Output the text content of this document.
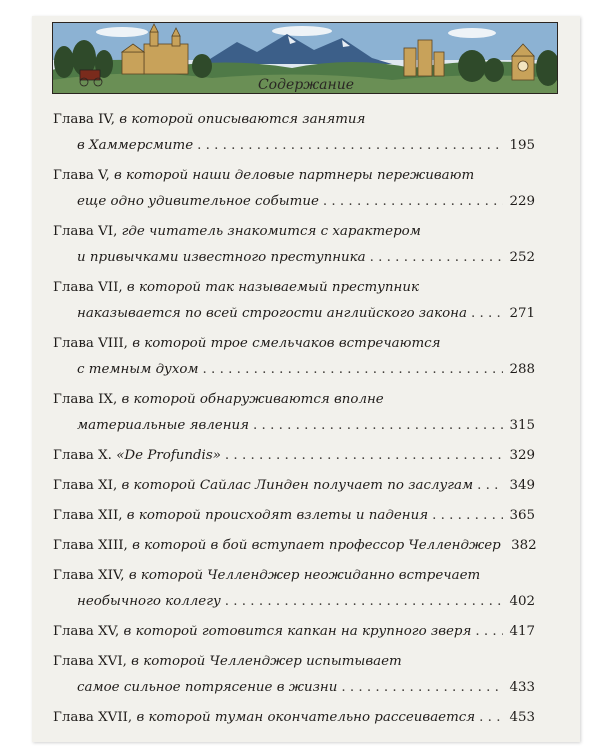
Содержание
Глава IV, в которой описываются занятия
в Хаммерсмите . . .	195
Глава V, в которой наши деловые партнеры переживают
еще одно удивительное событие . . .	229
Глава VI, где читатель знакомится с характером
и привычками известного преступника . . .	252
Глава VII, в которой так называемый преступник
наказывается по всей строгости английского закона . . .	271
Глава VIII, в которой трое смельчаков встречаются
с темным духом . . .	288
Глава IX, в которой обнаруживаются вполне
материальные явления . . .	315
Глава X. «De Profundis» . . .	329
Глава XI, в которой Сайлас Линден получает по заслугам . . .	349
Глава XII, в которой происходят взлеты и падения . . .	365
Глава XIII, в которой в бой вступает профессор Челленджер 382
Глава XIV, в которой Челленджер неожиданно встречает
необычного коллегу . . .	402
Глава XV, в которой готовится капкан на крупного зверя . . .	417
Глава XVI, в которой Челленджер испытывает
самое сильное потрясение в жизни . . .	433
Глава XVII, в которой туман окончательно рассеивается . . .	453
